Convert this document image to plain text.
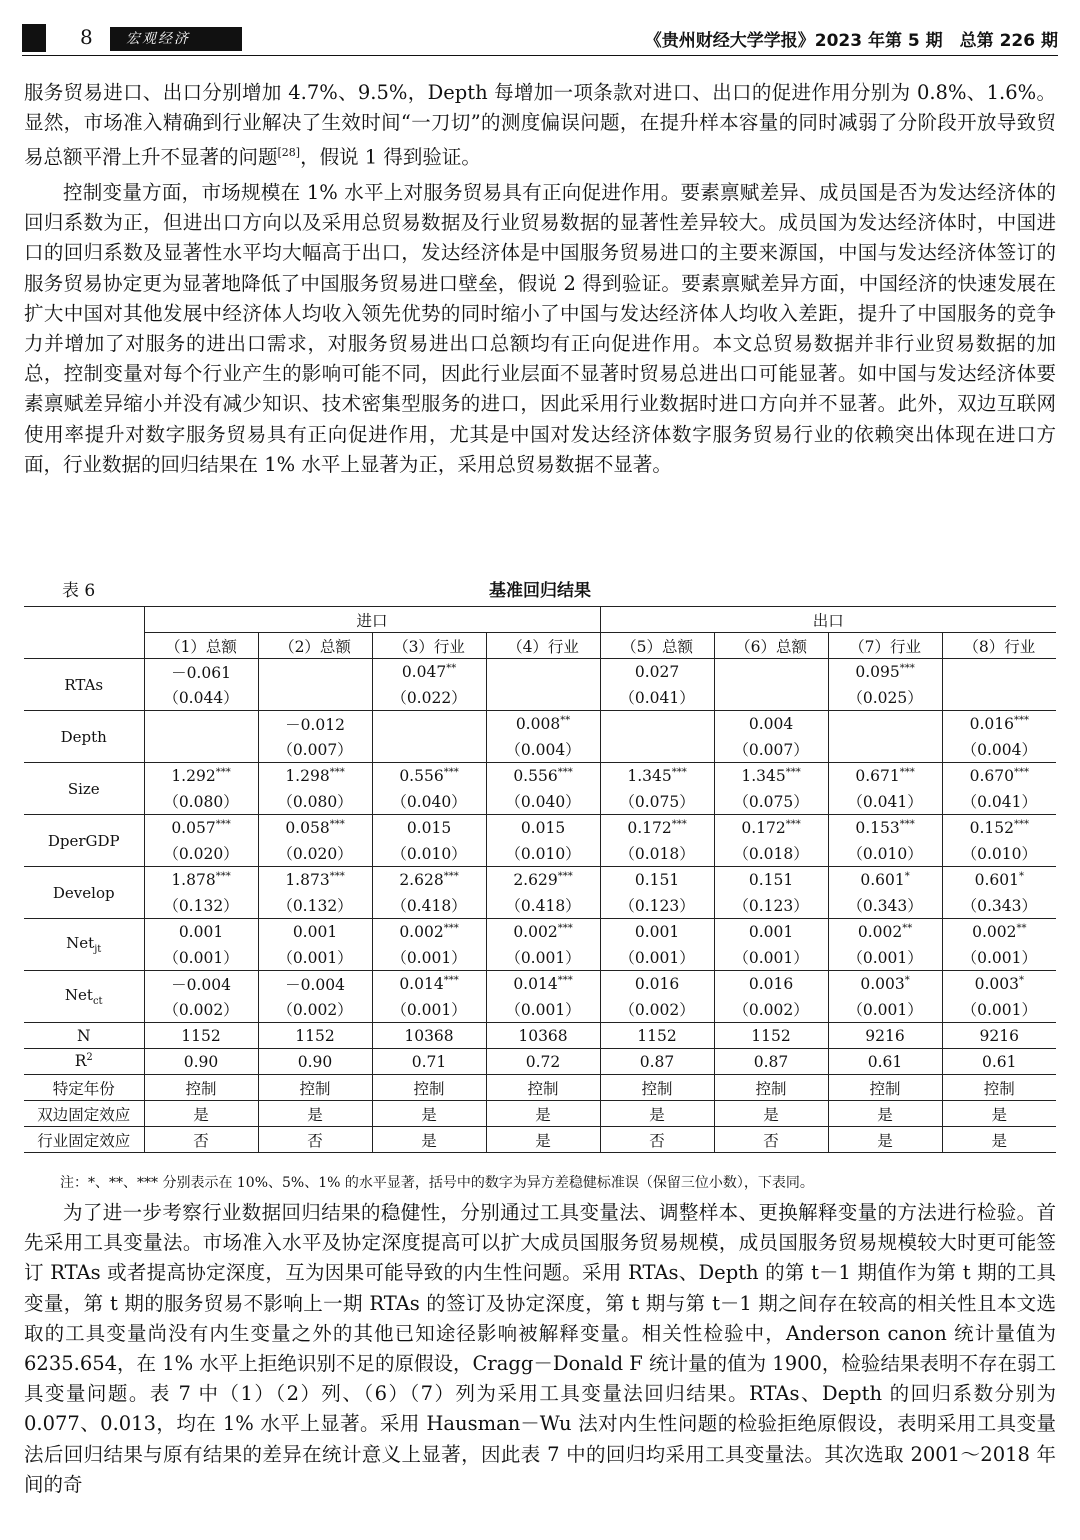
8	宏观经济	《贵州财经大学学报》2023 年第 5 期　总第 226 期

服务贸易进口、出口分别增加 4.7%、9.5%，Depth 每增加一项条款对进口、出口的促进作用分别为 0.8%、1.6%。显然，市场准入精确到行业解决了生效时间“一刀切”的测度偏误问题，在提升样本容量的同时减弱了分阶段开放导致贸易总额平滑上升不显著的问题[28]，假说 1 得到验证。

控制变量方面，市场规模在 1% 水平上对服务贸易具有正向促进作用。要素禀赋差异、成员国是否为发达经济体的回归系数为正，但进出口方向以及采用总贸易数据及行业贸易数据的显著性差异较大。成员国为发达经济体时，中国进口的回归系数及显著性水平均大幅高于出口，发达经济体是中国服务贸易进口的主要来源国，中国与发达经济体签订的服务贸易协定更为显著地降低了中国服务贸易进口壁垒，假说 2 得到验证。要素禀赋差异方面，中国经济的快速发展在扩大中国对其他发展中经济体人均收入领先优势的同时缩小了中国与发达经济体人均收入差距，提升了中国服务的竞争力并增加了对服务的进出口需求，对服务贸易进出口总额均有正向促进作用。本文总贸易数据并非行业贸易数据的加总，控制变量对每个行业产生的影响可能不同，因此行业层面不显著时贸易总进出口可能显著。如中国与发达经济体要素禀赋差异缩小并没有减少知识、技术密集型服务的进口，因此采用行业数据时进口方向并不显著。此外，双边互联网使用率提升对数字服务贸易具有正向促进作用，尤其是中国对发达经济体数字服务贸易行业的依赖突出体现在进口方面，行业数据的回归结果在 1% 水平上显著为正，采用总贸易数据不显著。

表 6	基准回归结果
	进口				出口			
	（1）总额	（2）总额	（3）行业	（4）行业	（5）总额	（6）总额	（7）行业	（8）行业
RTAs	－0.061		0.047**		0.027		0.095***	
	（0.044）		（0.022）		（0.041）		（0.025）	
Depth		－0.012		0.008**		0.004		0.016***
		（0.007）		（0.004）		（0.007）		（0.004）
Size	1.292***	1.298***	0.556***	0.556***	1.345***	1.345***	0.671***	0.670***
	（0.080）	（0.080）	（0.040）	（0.040）	（0.075）	（0.075）	（0.041）	（0.041）
DperGDP	0.057***	0.058***	0.015	0.015	0.172***	0.172***	0.153***	0.152***
	（0.020）	（0.020）	（0.010）	（0.010）	（0.018）	（0.018）	（0.010）	（0.010）
Develop	1.878***	1.873***	2.628***	2.629***	0.151	0.151	0.601*	0.601*
	（0.132）	（0.132）	（0.418）	（0.418）	（0.123）	（0.123）	（0.343）	（0.343）
Net$_{jt}$	0.001	0.001	0.002***	0.002***	0.001	0.001	0.002**	0.002**
	（0.001）	（0.001）	（0.001）	（0.001）	（0.001）	（0.001）	（0.001）	（0.001）
Net$_{ct}$	－0.004	－0.004	0.014***	0.014***	0.016	0.016	0.003*	0.003*
	（0.002）	（0.002）	（0.001）	（0.001）	（0.002）	（0.002）	（0.001）	（0.001）
N	1152	1152	10368	10368	1152	1152	9216	9216
$R^2$	0.90	0.90	0.71	0.72	0.87	0.87	0.61	0.61
特定年份	控制	控制	控制	控制	控制	控制	控制	控制
双边固定效应	是	是	是	是	是	是	是	是
行业固定效应	否	否	是	是	否	否	是	是
注：*、**、*** 分别表示在 10%、5%、1% 的水平显著，括号中的数字为异方差稳健标准误（保留三位小数），下表同。

为了进一步考察行业数据回归结果的稳健性，分别通过工具变量法、调整样本、更换解释变量的方法进行检验。首先采用工具变量法。市场准入水平及协定深度提高可以扩大成员国服务贸易规模，成员国服务贸易规模较大时更可能签订 RTAs 或者提高协定深度，互为因果可能导致的内生性问题。采用 RTAs、Depth 的第 t－1 期值作为第 t 期的工具变量，第 t 期的服务贸易不影响上一期 RTAs 的签订及协定深度，第 t 期与第 t－1 期之间存在较高的相关性且本文选取的工具变量尚没有内生变量之外的其他已知途径影响被解释变量。相关性检验中，Anderson canon 统计量值为 6235.654，在 1% 水平上拒绝识别不足的原假设，Cragg－Donald F 统计量的值为 1900，检验结果表明不存在弱工具变量问题。表 7 中（1）（2）列、（6）（7）列为采用工具变量法回归结果。RTAs、Depth 的回归系数分别为 0.077、0.013，均在 1% 水平上显著。采用 Hausman－Wu 法对内生性问题的检验拒绝原假设，表明采用工具变量法后回归结果与原有结果的差异在统计意义上显著，因此表 7 中的回归均采用工具变量法。其次选取 2001～2018 年间的奇
